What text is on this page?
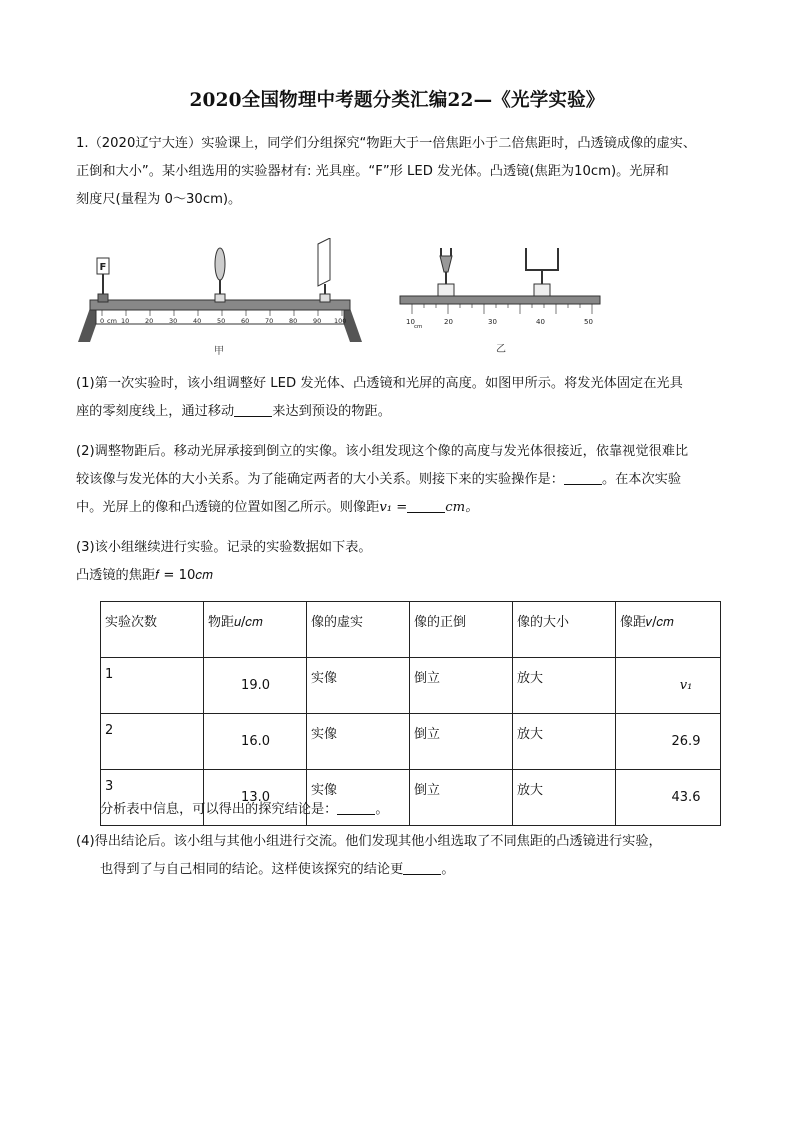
2020全国物理中考题分类汇编22—《光学实验》
1.（2020辽宁大连）实验课上，同学们分组探究“物距大于一倍焦距小于二倍焦距时，凸透镜成像的虚实、
正倒和大小”。某小组选用的实验器材有: 光具座。“F”形 LED 发光体。凸透镜(焦距为10cm)。光屏和
刻度尺(量程为 0～30cm)。
0 cm 10 20 30 40 50 60 70 80 90 100
F
甲
10
cm
20	30	40	50
乙
(1)第一次实验时，该小组调整好 LED 发光体、凸透镜和光屏的高度。如图甲所示。将发光体固定在光具
座的零刻度线上，通过移动	来达到预设的物距。
(2)调整物距后。移动光屏承接到倒立的实像。该小组发现这个像的高度与发光体很接近，依靠视觉很难比
较该像与发光体的大小关系。为了能确定两者的大小关系。则接下来的实验操作是：	。在本次实验
中。光屏上的像和凸透镜的位置如图乙所示。则像距𝑣₁ =	𝑐𝑚。
(3)该小组继续进行实验。记录的实验数据如下表。
凸透镜的焦距𝑓 = 10𝑐𝑚
实验次数	物距𝑢/𝑐𝑚	像的虚实	像的正倒	像的大小	像距𝑣/𝑐𝑚
1	19.0	实像	倒立	放大	𝑣₁
2	16.0	实像	倒立	放大	26.9
3	13.0	实像	倒立	放大	43.6
分析表中信息，可以得出的探究结论是：	。
(4)得出结论后。该小组与其他小组进行交流。他们发现其他小组选取了不同焦距的凸透镜进行实验，
也得到了与自己相同的结论。这样使该探究的结论更	。
